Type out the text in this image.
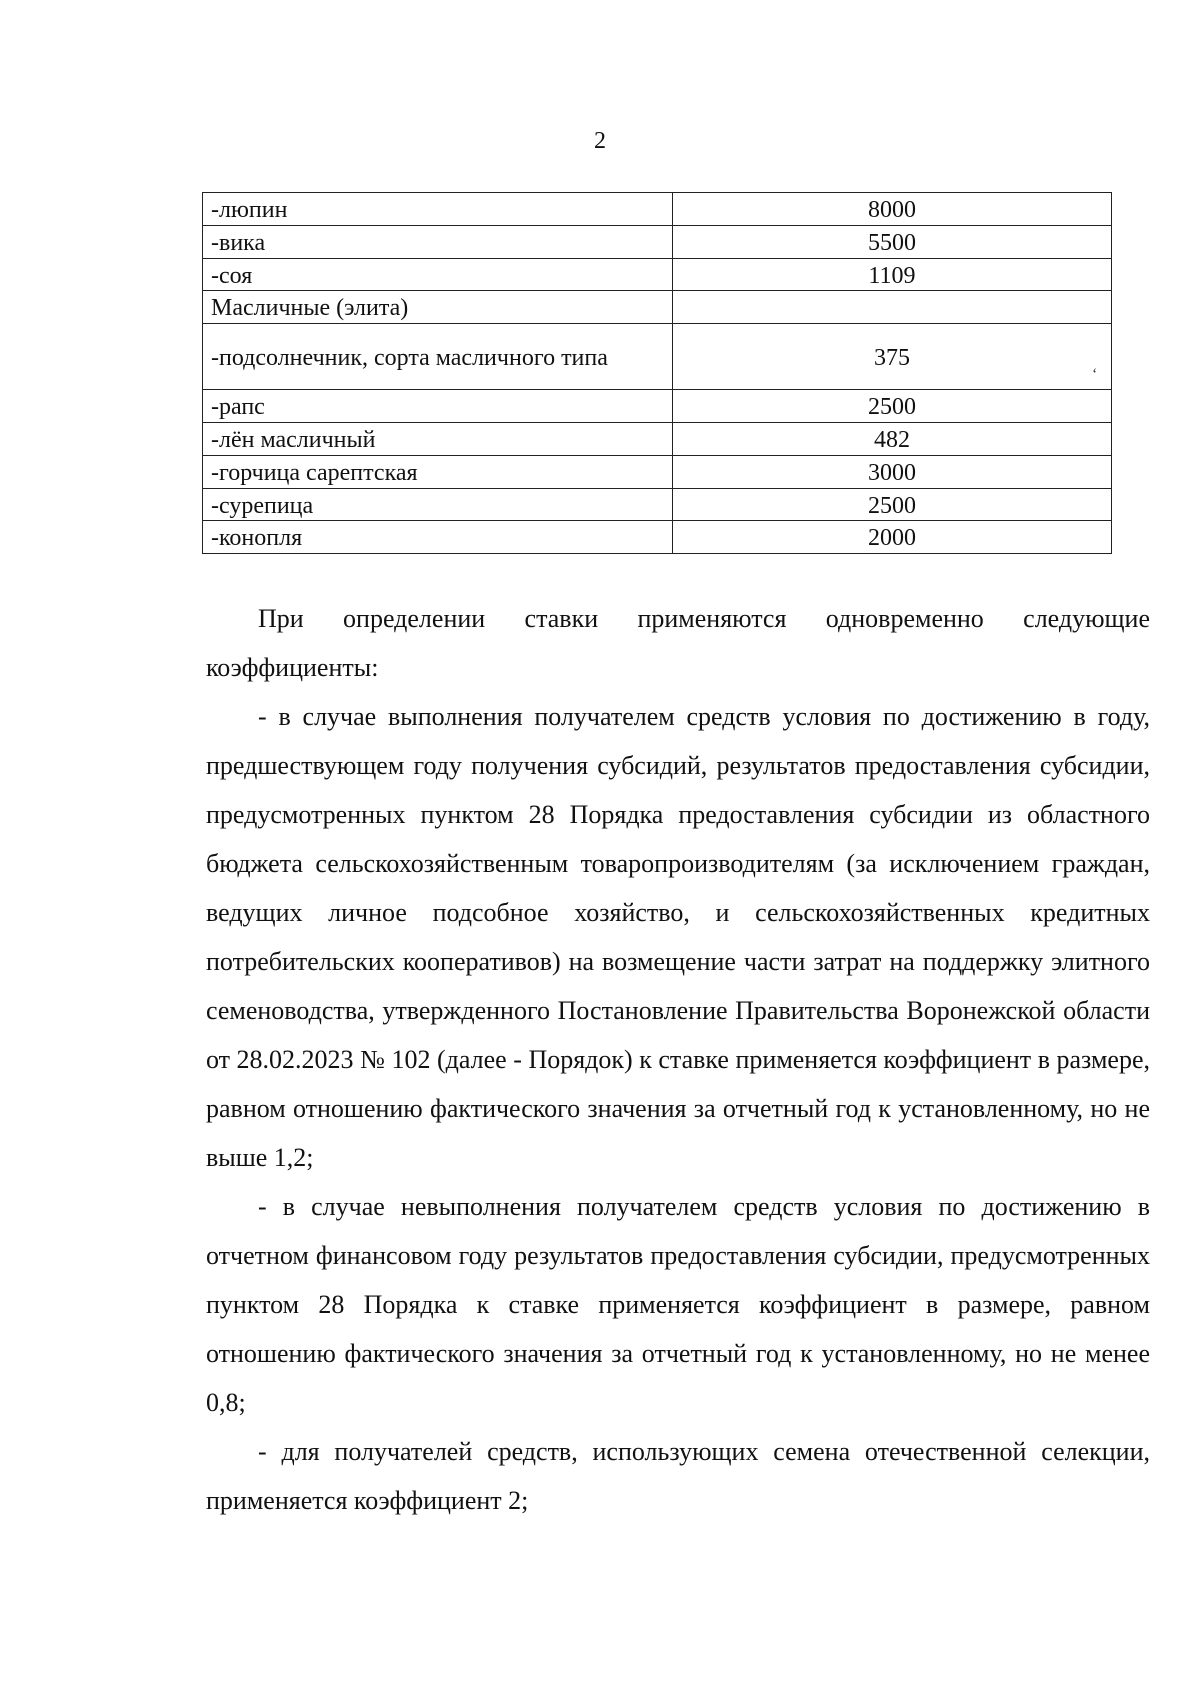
2
-люпин	8000
-вика	5500
-соя	1109
Масличные (элита)	
-подсолнечник, сорта масличного типа	375
-рапс	2500
-лён масличный	482
-горчица сарептская	3000
-сурепица	2500
-конопля	2000
ʻ

При определении ставки применяются одновременно следующие коэффициенты:

- в случае выполнения получателем средств условия по достижению в году, предшествующем году получения субсидий, результатов предоставления субсидии, предусмотренных пунктом 28 Порядка предоставления субсидии из областного бюджета сельскохозяйственным товаропроизводителям (за исключением граждан, ведущих личное подсобное хозяйство, и сельскохозяйственных кредитных потребительских кооперативов) на возмещение части затрат на поддержку элитного семеноводства, утвержденного Постановление Правительства Воронежской области от 28.02.2023 № 102 (далее - Порядок) к ставке применяется коэффициент в размере, равном отношению фактического значения за отчетный год к установленному, но не выше 1,2;

- в случае невыполнения получателем средств условия по достижению в отчетном финансовом году результатов предоставления субсидии, предусмотренных пунктом 28 Порядка к ставке применяется коэффициент в размере, равном отношению фактического значения за отчетный год к установленному, но не менее 0,8;

- для получателей средств, использующих семена отечественной селекции, применяется коэффициент 2;
